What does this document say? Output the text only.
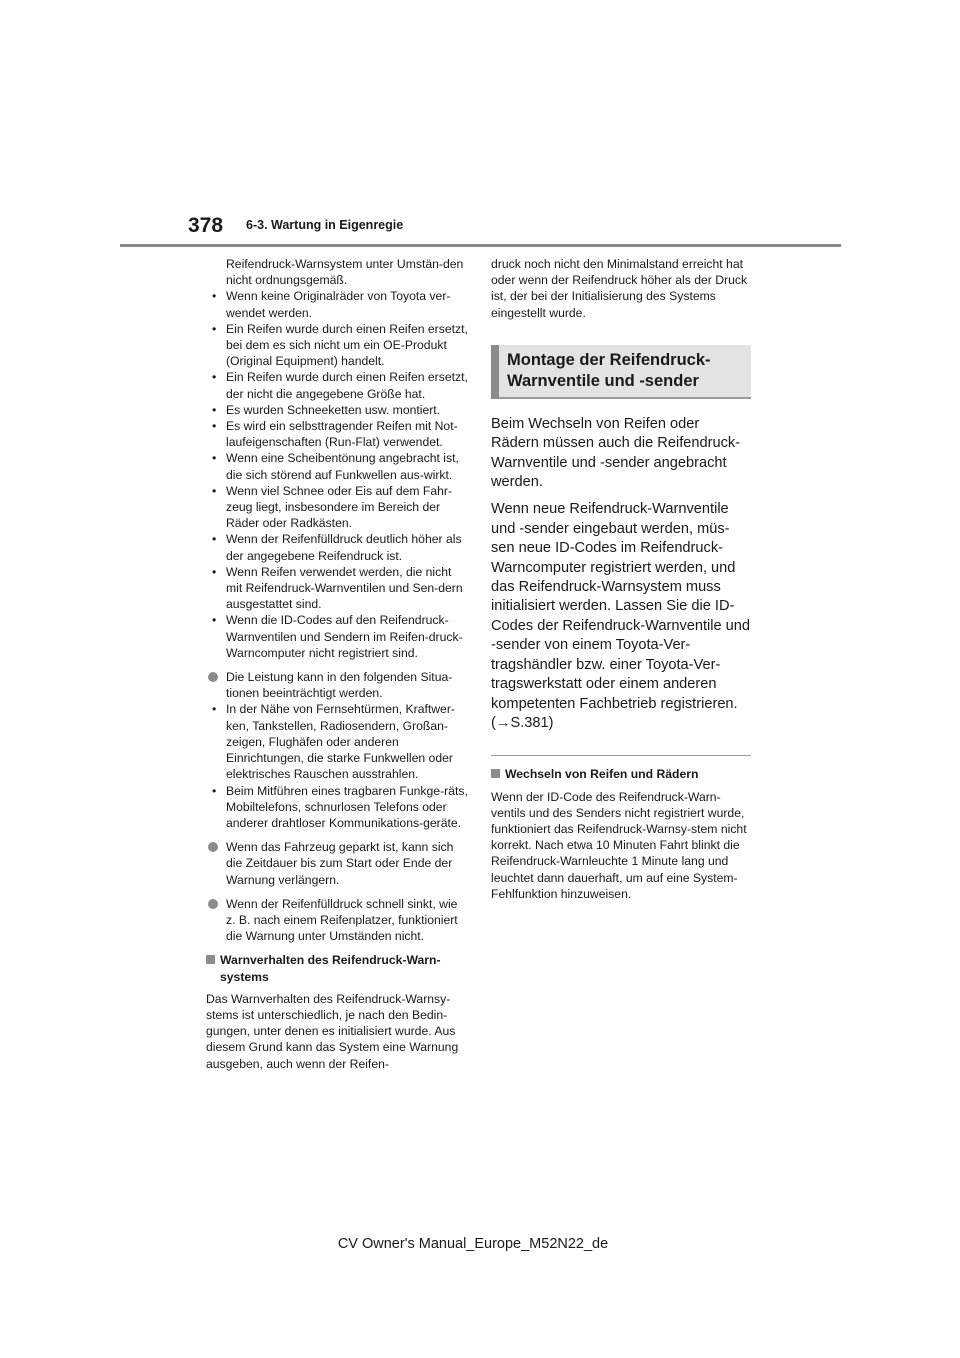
378 6-3. Wartung in Eigenregie

Reifendruck-Warnsystem unter Umstän-den nicht ordnungsgemäß.

• Wenn keine Originalräder von Toyota ver-wendet werden.
• Ein Reifen wurde durch einen Reifen ersetzt, bei dem es sich nicht um ein OE-Produkt (Original Equipment) handelt.
• Ein Reifen wurde durch einen Reifen ersetzt, der nicht die angegebene Größe hat.
• Es wurden Schneeketten usw. montiert.
• Es wird ein selbsttragender Reifen mit Not-laufeigenschaften (Run-Flat) verwendet.
• Wenn eine Scheibentönung angebracht ist, die sich störend auf Funkwellen aus-wirkt.
• Wenn viel Schnee oder Eis auf dem Fahr-zeug liegt, insbesondere im Bereich der Räder oder Radkästen.
• Wenn der Reifenfülldruck deutlich höher als der angegebene Reifendruck ist.
• Wenn Reifen verwendet werden, die nicht mit Reifendruck-Warnventilen und Sen-dern ausgestattet sind.
• Wenn die ID-Codes auf den Reifendruck-Warnventilen und Sendern im Reifen-druck-Warncomputer nicht registriert sind.

Die Leistung kann in den folgenden Situa-tionen beeinträchtigt werden.

• In der Nähe von Fernsehtürmen, Kraftwer-ken, Tankstellen, Radiosendern, Großan-zeigen, Flughäfen oder anderen Einrichtungen, die starke Funkwellen oder elektrisches Rauschen ausstrahlen.
• Beim Mitführen eines tragbaren Funkge-räts, Mobiltelefons, schnurlosen Telefons oder anderer drahtloser Kommunikations-geräte.

Wenn das Fahrzeug geparkt ist, kann sich die Zeitdauer bis zum Start oder Ende der Warnung verlängern.

Wenn der Reifenfülldruck schnell sinkt, wie z. B. nach einem Reifenplatzer, funktioniert die Warnung unter Umständen nicht.

Warnverhalten des Reifendruck-Warn-systems

Das Warnverhalten des Reifendruck-Warnsy-stems ist unterschiedlich, je nach den Bedin-gungen, unter denen es initialisiert wurde. Aus diesem Grund kann das System eine Warnung ausgeben, auch wenn der Reifen-

druck noch nicht den Minimalstand erreicht hat oder wenn der Reifendruck höher als der Druck ist, der bei der Initialisierung des Systems eingestellt wurde.

Montage der Reifendruck-
Warnventile und -sender

Beim Wechseln von Reifen oder Rädern müssen auch die Reifendruck-Warnventile und -sender angebracht werden.

Wenn neue Reifendruck-Warnventile und -sender eingebaut werden, müs-sen neue ID-Codes im Reifendruck-Warncomputer registriert werden, und das Reifendruck-Warnsystem muss initialisiert werden. Lassen Sie die ID-Codes der Reifendruck-Warnventile und -sender von einem Toyota-Ver-tragshändler bzw. einer Toyota-Ver-tragswerkstatt oder einem anderen kompetenten Fachbetrieb registrieren. (→S.381)

Wechseln von Reifen und Rädern

Wenn der ID-Code des Reifendruck-Warn-ventils und des Senders nicht registriert wurde, funktioniert das Reifendruck-Warnsy-stem nicht korrekt. Nach etwa 10 Minuten Fahrt blinkt die Reifendruck-Warnleuchte 1 Minute lang und leuchtet dann dauerhaft, um auf eine System-Fehlfunktion hinzuweisen.

CV Owner's Manual_Europe_M52N22_de
